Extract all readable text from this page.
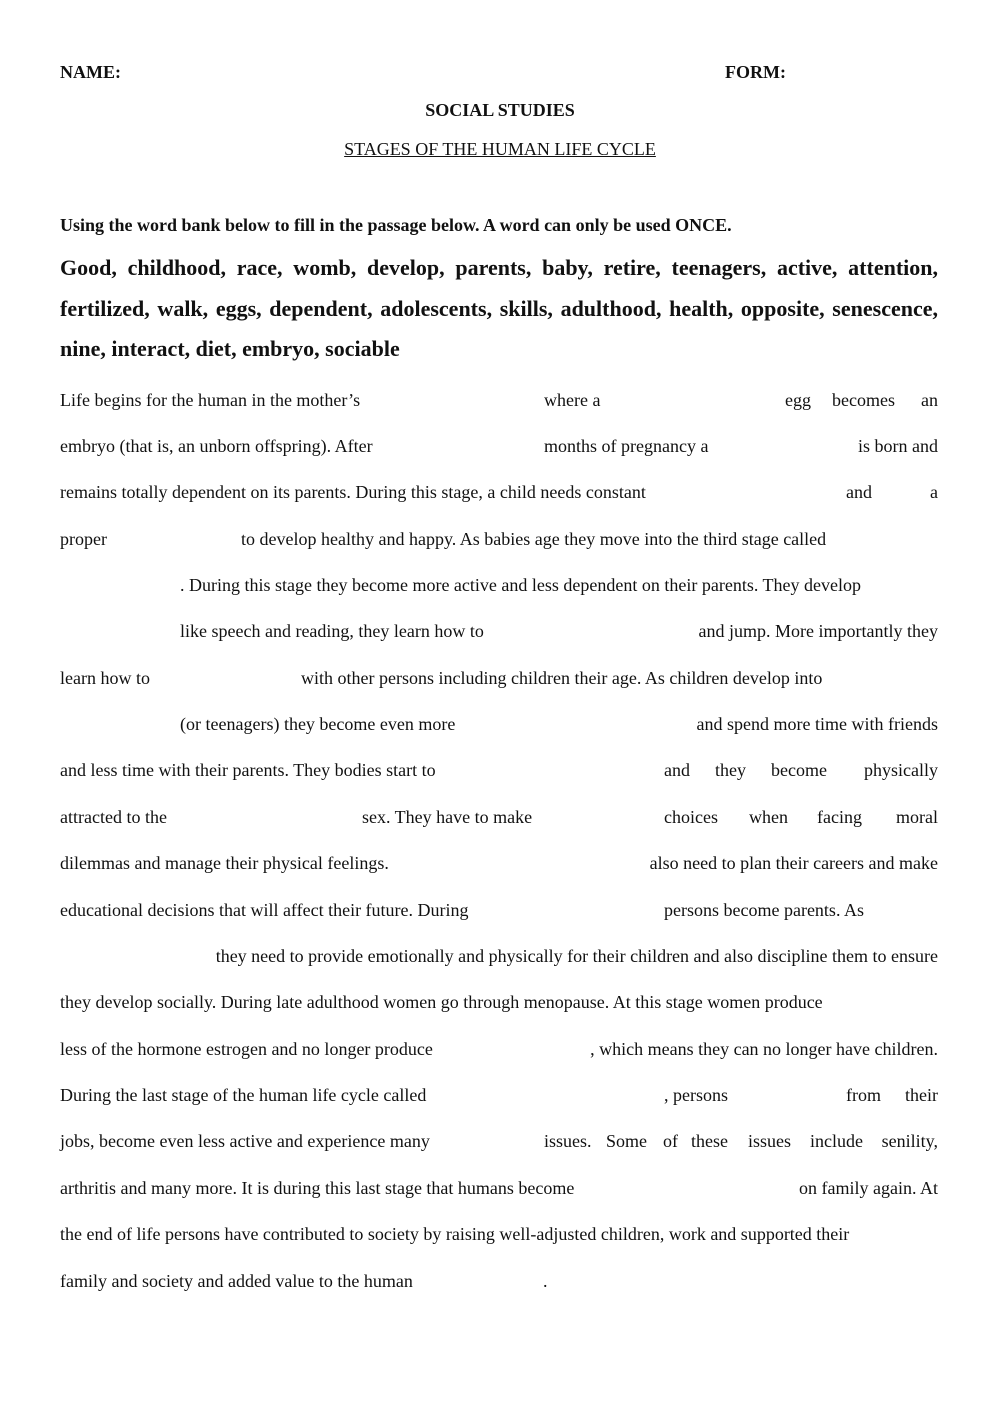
NAME:	FORM:
SOCIAL STUDIES
STAGES OF THE HUMAN LIFE CYCLE
Using the word bank below to fill in the passage below. A word can only be used ONCE.
Good, childhood, race, womb, develop, parents, baby, retire, teenagers, active, attention, fertilized, walk, eggs, dependent, adolescents, skills, adulthood, health, opposite, senescence, nine, interact, diet, embryo, sociable
Life begins for the human in the mother’s	where a	egg becomes an
embryo (that is, an unborn offspring). After	months of pregnancy a	is born and
remains totally dependent on its parents. During this stage, a child needs constant	and	a
proper	to develop healthy and happy. As babies age they move into the third stage called
. During this stage they become more active and less dependent on their parents. They develop
like speech and reading, they learn how to	and jump. More importantly they
learn how to	with other persons including children their age. As children develop into
(or teenagers) they become even more	and spend more time with friends
and less time with their parents. They bodies start to	and they become physically
attracted to the	sex. They have to make	choices when facing moral
dilemmas and manage their physical feelings.	also need to plan their careers and make
educational decisions that will affect their future. During	persons become parents. As
they need to provide emotionally and physically for their children and also discipline them to ensure
they develop socially. During late adulthood women go through menopause. At this stage women produce
less of the hormone estrogen and no longer produce	, which means they can no longer have children.
During the last stage of the human life cycle called	, persons	from their
jobs, become even less active and experience many	issues. Some of these issues include senility,
arthritis and many more. It is during this last stage that humans become	on family again. At
the end of life persons have contributed to society by raising well-adjusted children, work and supported their
family and society and added value to the human	.
